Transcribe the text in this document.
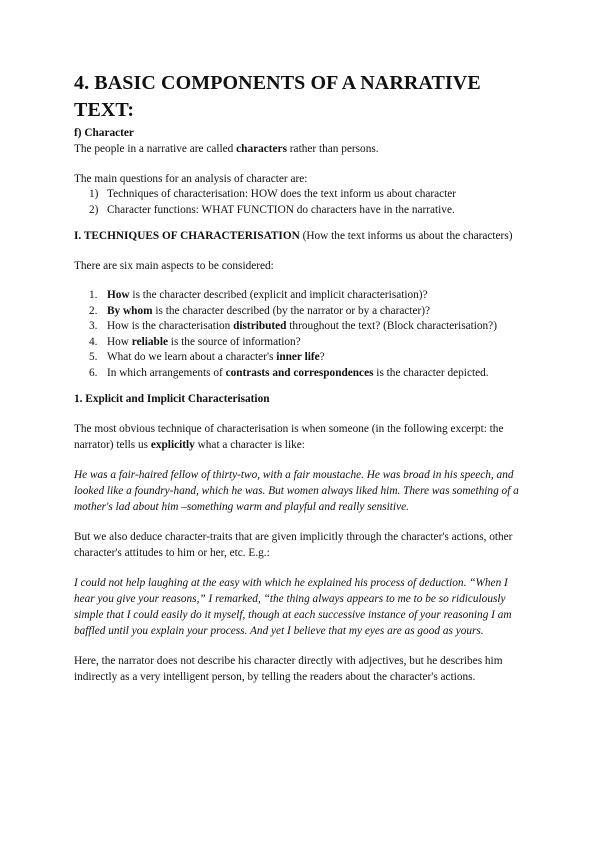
4. BASIC COMPONENTS OF A NARRATIVE TEXT:
f) Character

The people in a narrative are called characters rather than persons.

The main questions for an analysis of character are:

1) Techniques of characterisation: HOW does the text inform us about character
2) Character functions: WHAT FUNCTION do characters have in the narrative.

I. TECHNIQUES OF CHARACTERISATION (How the text informs us about the characters)

There are six main aspects to be considered:

1. How is the character described (explicit and implicit characterisation)?
2. By whom is the character described (by the narrator or by a character)?
3. How is the characterisation distributed throughout the text? (Block characterisation?)
4. How reliable is the source of information?
5. What do we learn about a character's inner life?
6. In which arrangements of contrasts and correspondences is the character depicted.

1. Explicit and Implicit Characterisation

The most obvious technique of characterisation is when someone (in the following excerpt: the narrator) tells us explicitly what a character is like:

He was a fair-haired fellow of thirty-two, with a fair moustache. He was broad in his speech, and looked like a foundry-hand, which he was. But women always liked him. There was something of a mother's lad about him –something warm and playful and really sensitive.

But we also deduce character-traits that are given implicitly through the character's actions, other character's attitudes to him or her, etc. E.g.:

I could not help laughing at the easy with which he explained his process of deduction. “When I hear you give your reasons,” I remarked, “the thing always appears to me to be so ridiculously simple that I could easily do it myself, though at each successive instance of your reasoning I am baffled until you explain your process. And yet I believe that my eyes are as good as yours.

Here, the narrator does not describe his character directly with adjectives, but he describes him indirectly as a very intelligent person, by telling the readers about the character's actions.
